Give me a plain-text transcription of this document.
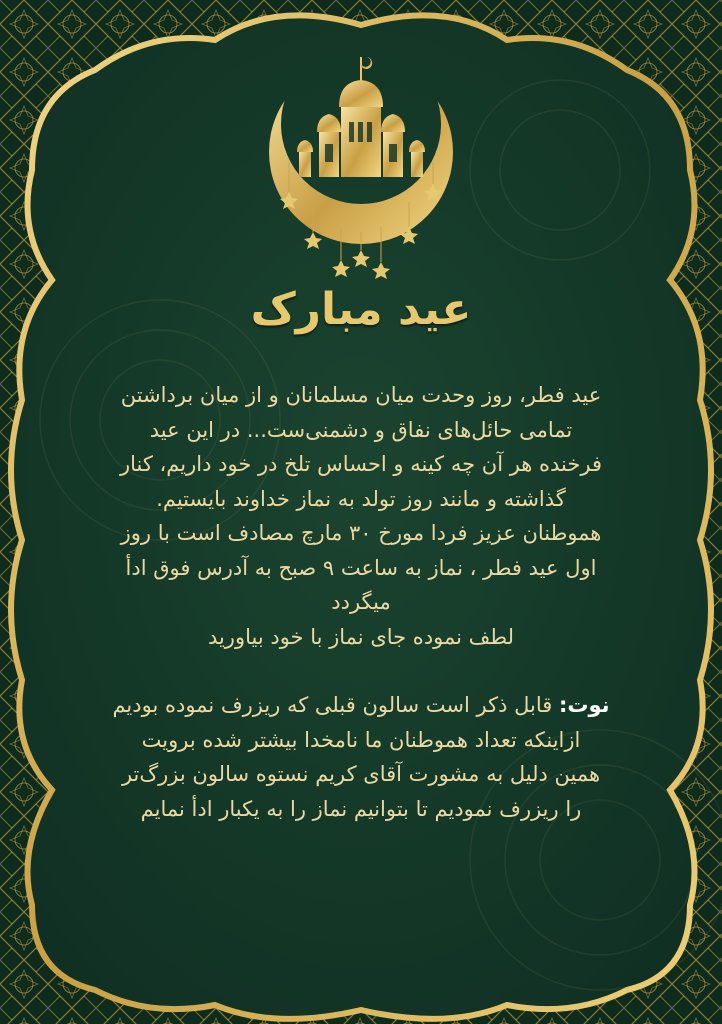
عید مبارک
عید فطر، روز وحدت میان مسلمانان و از میان برداشتن
تمامی حائل‌های نفاق و دشمنی‌ست... در این عید
فرخنده هر آن چه کینه و احساس تلخ در خود داریم، کنار
گذاشته و مانند روز تولد به نماز خداوند بایستیم.
هموطنان عزیز فردا مورخ ۳۰ مارچ مصادف است با روز
اول عید فطر ، نماز به ساعت ۹ صبح به آدرس فوق ادأ
میگردد
لطف نموده جای نماز با خود بیاورید
نوت: قابل ذکر است سالون قبلی که ریزرف نموده بودیم
ازاینکه تعداد هموطنان ما نامخدا بیشتر شده برویت
همین دلیل به مشورت آقای کریم نستوه سالون بزرگ‌تر
را ریزرف نمودیم تا بتوانیم نماز را به یکبار ادأ نمایم
